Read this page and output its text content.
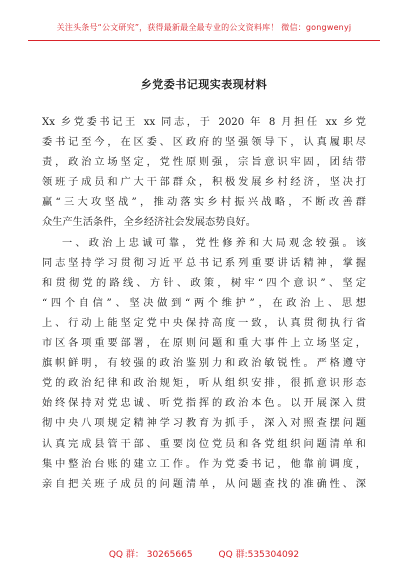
关注头条号“公文研究”，获得最新最全最专业的公文资料库！ 微信：gongwenyj
乡党委书记现实表现材料
Xx 乡党委书记王 xx 同志，于 2020 年 8 月担任 xx 乡党
委书记至今，在区委、区政府的坚强领导下，认真履职尽
责，政治立场坚定，党性原则强，宗旨意识牢固，团结带
领班子成员和广大干部群众，积极发展乡村经济，坚决打
赢“三大攻坚战”，推动落实乡村振兴战略，不断改善群
众生产生活条件，全乡经济社会发展态势良好。
一、政治上忠诚可靠，党性修养和大局观念较强。该
同志坚持学习贯彻习近平总书记系列重要讲话精神，掌握
和贯彻党的路线、方针、政策，树牢“四个意识”、坚定
“四个自信”、坚决做到“两个维护”，在政治上、思想
上、行动上能坚定党中央保持高度一致，认真贯彻执行省
市区各项重要部署，在原则问题和重大事件上立场坚定，
旗帜鲜明，有较强的政治鉴别力和政治敏锐性。严格遵守
党的政治纪律和政治规矩，听从组织安排，很抓意识形态
始终保持对党忠诚、听党指挥的政治本色。以开展深入贯
彻中央八项规定精神学习教育为抓手，深入对照查摆问题
认真完成县管干部、重要岗位党员和各党组织问题清单和
集中整治台账的建立工作。作为党委书记，他靠前调度，
亲自把关班子成员的问题清单，从问题查找的准确性、深
QQ 群： 30265665	QQ 群:535304092
